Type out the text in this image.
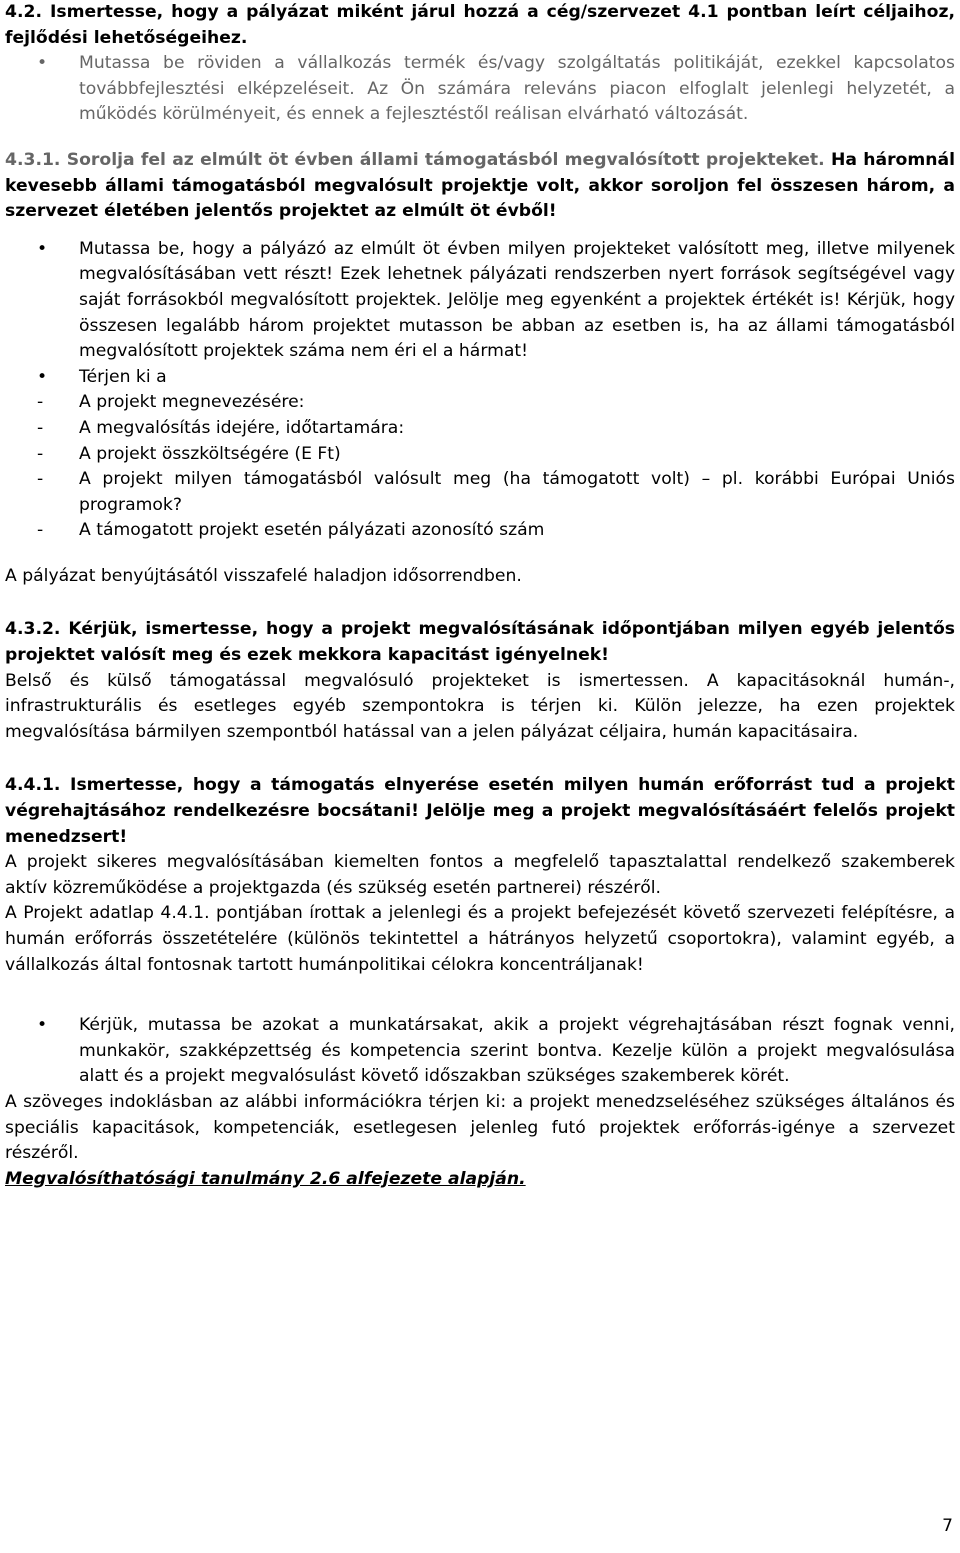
4.2. Ismertesse, hogy a pályázat miként járul hozzá a cég/szervezet 4.1 pontban leírt céljaihoz, fejlődési lehetőségeihez.

• Mutassa be röviden a vállalkozás termék és/vagy szolgáltatás politikáját, ezekkel kapcsolatos továbbfejlesztési elképzeléseit. Az Ön számára releváns piacon elfoglalt jelenlegi helyzetét, a működés körülményeit, és ennek a fejlesztéstől reálisan elvárható változását.

4.3.1. Sorolja fel az elmúlt öt évben állami támogatásból megvalósított projekteket. Ha háromnál kevesebb állami támogatásból megvalósult projektje volt, akkor soroljon fel összesen három, a szervezet életében jelentős projektet az elmúlt öt évből!

• Mutassa be, hogy a pályázó az elmúlt öt évben milyen projekteket valósított meg, illetve milyenek megvalósításában vett részt! Ezek lehetnek pályázati rendszerben nyert források segítségével vagy saját forrásokból megvalósított projektek. Jelölje meg egyenként a projektek értékét is! Kérjük, hogy összesen legalább három projektet mutasson be abban az esetben is, ha az állami támogatásból megvalósított projektek száma nem éri el a hármat!

• Térjen ki a

- A projekt megnevezésére:

- A megvalósítás idejére, időtartamára:

- A projekt összköltségére (E Ft)

- A projekt milyen támogatásból valósult meg (ha támogatott volt) – pl. korábbi Európai Uniós programok?

- A támogatott projekt esetén pályázati azonosító szám

A pályázat benyújtásától visszafelé haladjon idősorrendben.

4.3.2. Kérjük, ismertesse, hogy a projekt megvalósításának időpontjában milyen egyéb jelentős projektet valósít meg és ezek mekkora kapacitást igényelnek!

Belső és külső támogatással megvalósuló projekteket is ismertessen. A kapacitásoknál humán-, infrastrukturális és esetleges egyéb szempontokra is térjen ki. Külön jelezze, ha ezen projektek megvalósítása bármilyen szempontból hatással van a jelen pályázat céljaira, humán kapacitásaira.

4.4.1. Ismertesse, hogy a támogatás elnyerése esetén milyen humán erőforrást tud a projekt végrehajtásához rendelkezésre bocsátani! Jelölje meg a projekt megvalósításáért felelős projekt menedzsert!

A projekt sikeres megvalósításában kiemelten fontos a megfelelő tapasztalattal rendelkező szakemberek aktív közreműködése a projektgazda (és szükség esetén partnerei) részéről.

A Projekt adatlap 4.4.1. pontjában írottak a jelenlegi és a projekt befejezését követő szervezeti felépítésre, a humán erőforrás összetételére (különös tekintettel a hátrányos helyzetű csoportokra), valamint egyéb, a vállalkozás által fontosnak tartott humánpolitikai célokra koncentráljanak!

• Kérjük, mutassa be azokat a munkatársakat, akik a projekt végrehajtásában részt fognak venni, munkakör, szakképzettség és kompetencia szerint bontva. Kezelje külön a projekt megvalósulása alatt és a projekt megvalósulást követő időszakban szükséges szakemberek körét.

A szöveges indoklásban az alábbi információkra térjen ki: a projekt menedzseléséhez szükséges általános és speciális kapacitások, kompetenciák, esetlegesen jelenleg futó projektek erőforrás-igénye a szervezet részéről.

Megvalósíthatósági tanulmány 2.6 alfejezete alapján.

7
